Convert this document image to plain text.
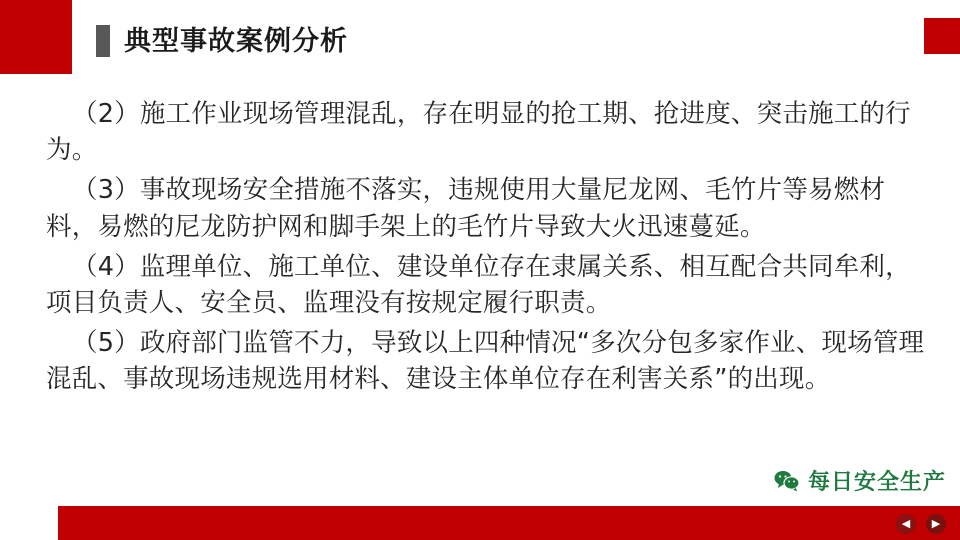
典型事故案例分析

（2）施工作业现场管理混乱，存在明显的抢工期、抢进度、突击施工的行为。

（3）事故现场安全措施不落实，违规使用大量尼龙网、毛竹片等易燃材料，易燃的尼龙防护网和脚手架上的毛竹片导致大火迅速蔓延。

（4）监理单位、施工单位、建设单位存在隶属关系、相互配合共同牟利，项目负责人、安全员、监理没有按规定履行职责。

（5）政府部门监管不力，导致以上四种情况“多次分包多家作业、现场管理混乱、事故现场违规选用材料、建设主体单位存在利害关系”的出现。

每日安全生产
◀	▶
